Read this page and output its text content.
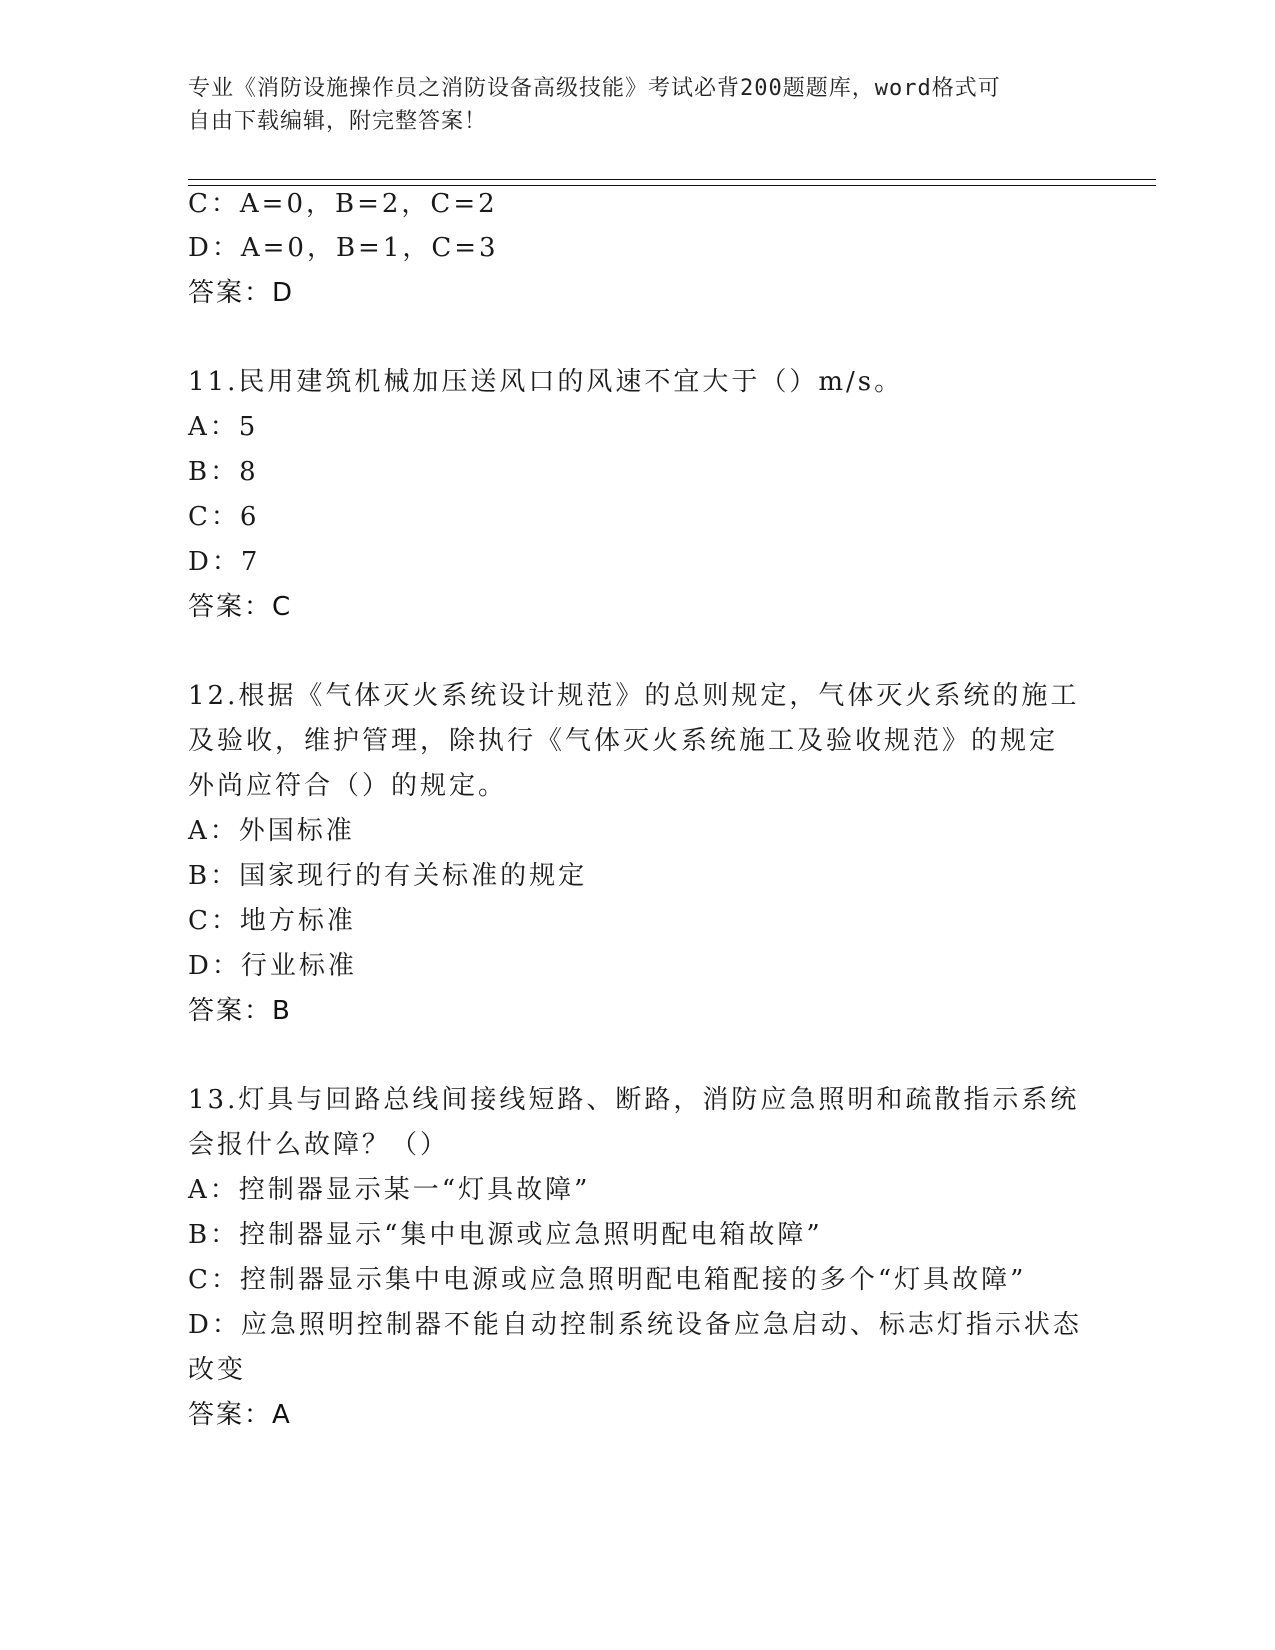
专业《消防设施操作员之消防设备高级技能》考试必背200题题库，word格式可
自由下载编辑，附完整答案！
C：A=0，B=2，C=2
D：A=0，B=1，C=3
答案：D
11.民用建筑机械加压送风口的风速不宜大于（）m/s。
A：5
B：8
C：6
D：7
答案：C
12.根据《气体灭火系统设计规范》的总则规定，气体灭火系统的施工
及验收，维护管理，除执行《气体灭火系统施工及验收规范》的规定
外尚应符合（）的规定。
A：外国标准
B：国家现行的有关标准的规定
C：地方标准
D：行业标准
答案：B
13.灯具与回路总线间接线短路、断路，消防应急照明和疏散指示系统
会报什么故障？（）
A：控制器显示某一“灯具故障”
B：控制器显示“集中电源或应急照明配电箱故障”
C：控制器显示集中电源或应急照明配电箱配接的多个“灯具故障”
D：应急照明控制器不能自动控制系统设备应急启动、标志灯指示状态
改变
答案：A
